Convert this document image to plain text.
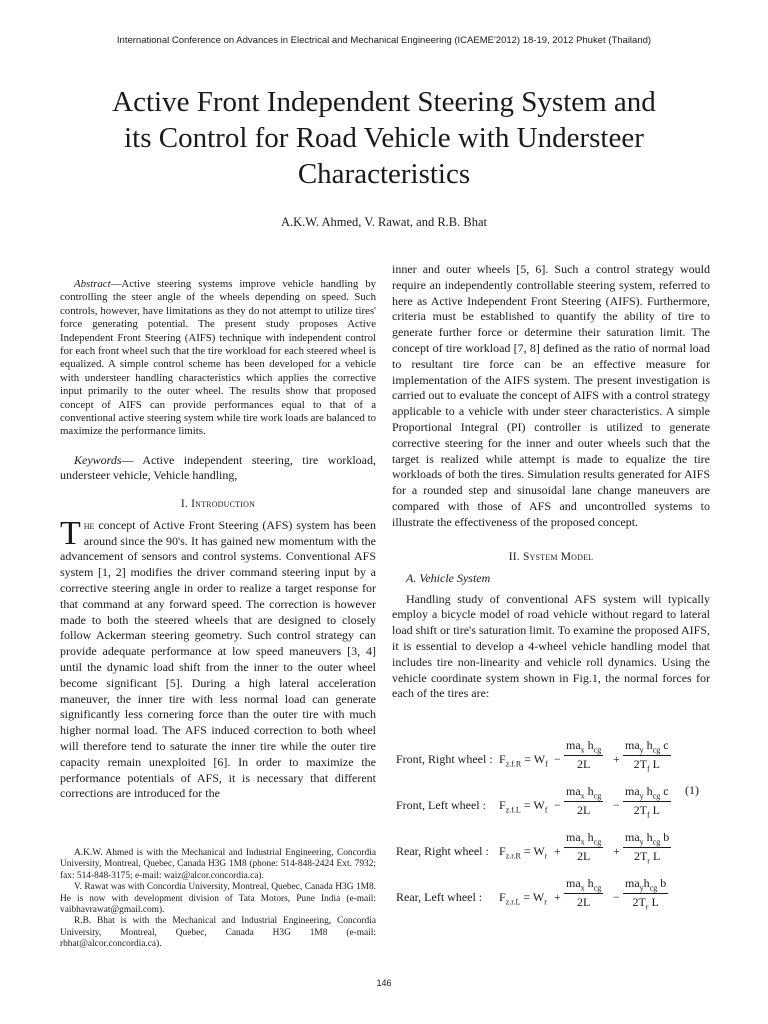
International Conference on Advances in Electrical and Mechanical Engineering (ICAEME'2012) 18-19, 2012 Phuket (Thailand)
Active Front Independent Steering System and
its Control for Road Vehicle with Understeer
Characteristics
A.K.W. Ahmed, V. Rawat, and R.B. Bhat

Abstract—Active steering systems improve vehicle handling by controlling the steer angle of the wheels depending on speed. Such controls, however, have limitations as they do not attempt to utilize tires' force generating potential. The present study proposes Active Independent Front Steering (AIFS) technique with independent control for each front wheel such that the tire workload for each steered wheel is equalized. A simple control scheme has been developed for a vehicle with understeer handling characteristics which applies the corrective input primarily to the outer wheel. The results show that proposed concept of AIFS can provide performances equal to that of a conventional active steering system while tire work loads are balanced to maximize the performance limits.

Keywords— Active independent steering, tire workload, understeer vehicle, Vehicle handling,

I. Introduction

The concept of Active Front Steering (AFS) system has been around since the 90's. It has gained new momentum with the advancement of sensors and control systems. Conventional AFS system [1, 2] modifies the driver command steering input by a corrective steering angle in order to realize a target response for that command at any forward speed. The correction is however made to both the steered wheels that are designed to closely follow Ackerman steering geometry. Such control strategy can provide adequate performance at low speed maneuvers [3, 4] until the dynamic load shift from the inner to the outer wheel become significant [5]. During a high lateral acceleration maneuver, the inner tire with less normal load can generate significantly less cornering force than the outer tire with much higher normal load. The AFS induced correction to both wheel will therefore tend to saturate the inner tire while the outer tire capacity remain unexploited [6]. In order to maximize the performance potentials of AFS, it is necessary that different corrections are introduced for the

A.K.W. Ahmed is with the Mechanical and Industrial Engineering, Concordia University, Montreal, Quebec, Canada H3G 1M8 (phone: 514-848-2424 Ext. 7932; fax: 514-848-3175; e-mail: waiz@alcor.concordia.ca).

V. Rawat was with Concordia University, Montreal, Quebec, Canada H3G 1M8. He is now with development division of Tata Motors, Pune India (e-mail: vaibhavrawat@gmail.com).

R.B. Bhat is with the Mechanical and Industrial Engineering, Concordia University, Montreal, Quebec, Canada H3G 1M8 (e-mail: rbhat@alcor.concordia.ca).

inner and outer wheels [5, 6]. Such a control strategy would require an independently controllable steering system, referred to here as Active Independent Front Steering (AIFS). Furthermore, criteria must be established to quantify the ability of tire to generate further force or determine their saturation limit. The concept of tire workload [7, 8] defined as the ratio of normal load to resultant tire force can be an effective measure for implementation of the AIFS system. The present investigation is carried out to evaluate the concept of AIFS with a control strategy applicable to a vehicle with under steer characteristics. A simple Proportional Integral (PI) controller is utilized to generate corrective steering for the inner and outer wheels such that the target is realized while attempt is made to equalize the tire workloads of both the tires. Simulation results generated for AIFS for a rounded step and sinusoidal lane change maneuvers are compared with those of AFS and uncontrolled systems to illustrate the effectiveness of the proposed concept.

II. System Model
A. Vehicle System

Handling study of conventional AFS system will typically employ a bicycle model of road vehicle without regard to lateral load shift or tire's saturation limit. To examine the proposed AIFS, it is essential to develop a 4-wheel vehicle handling model that includes tire non-linearity and vehicle roll dynamics. Using the vehicle coordinate system shown in Fig.1, the normal forces for each of the tires are:

Front, Right wheel : $F_{z.f.R} = W_f$ −
$ma_x$ $h_{cg}$
2L	+
$ma_y$ $h_{cg}$ c
$2T_f$ L
Front, Left wheel : $F_{z.f.L} = W_f$ −
$ma_x$ $h_{cg}$
2L	−
$ma_y$ $h_{cg}$ c
$2T_f$ L
Rear, Right wheel : $F_{z.r.R} = W_r$ +
$ma_x$ $h_{cg}$
2L	+
$ma_y$ $h_{cg}$ b
$2T_r$ L
Rear, Left wheel : $F_{z.r.L} = W_r$ +
$ma_x$ $h_{cg}$
2L	−
$ma_yh_{cg}$ b
$2T_r$ L
(1)
146
